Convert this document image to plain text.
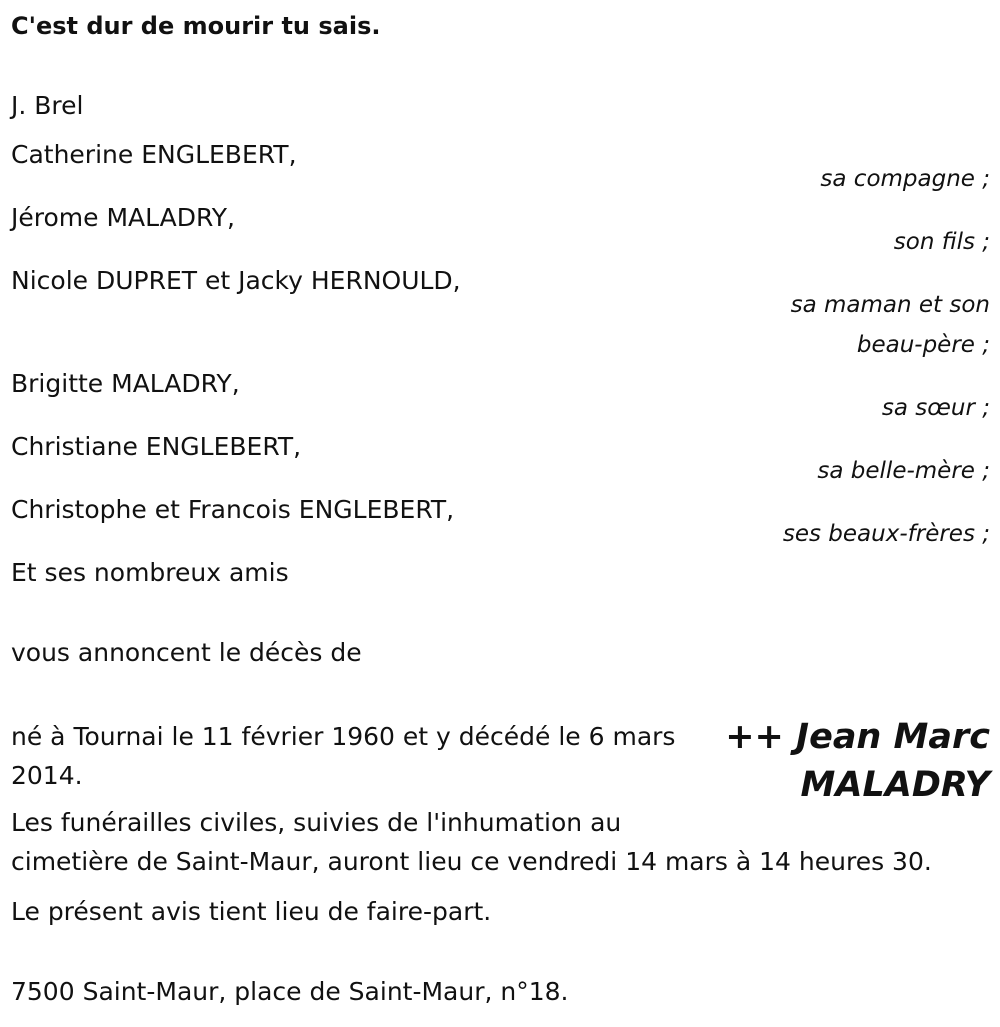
C'est dur de mourir tu sais.
J. Brel
Catherine ENGLEBERT,
sa compagne ;
Jérome MALADRY,
son fils ;
Nicole DUPRET et Jacky HERNOULD,
sa maman et son
beau-père ;
Brigitte MALADRY,
sa sœur ;
Christiane ENGLEBERT,
sa belle-mère ;
Christophe et Francois ENGLEBERT,
ses beaux-frères ;
Et ses nombreux amis
vous annoncent le décès de
++ Jean Marc
MALADRY
né à Tournai le 11 février 1960 et y décédé le 6 mars 2014.
Les funérailles civiles, suivies de l'inhumation au
cimetière de Saint-Maur, auront lieu ce vendredi 14 mars à 14 heures 30.
Le présent avis tient lieu de faire-part.
7500 Saint-Maur, place de Saint-Maur, n°18.
